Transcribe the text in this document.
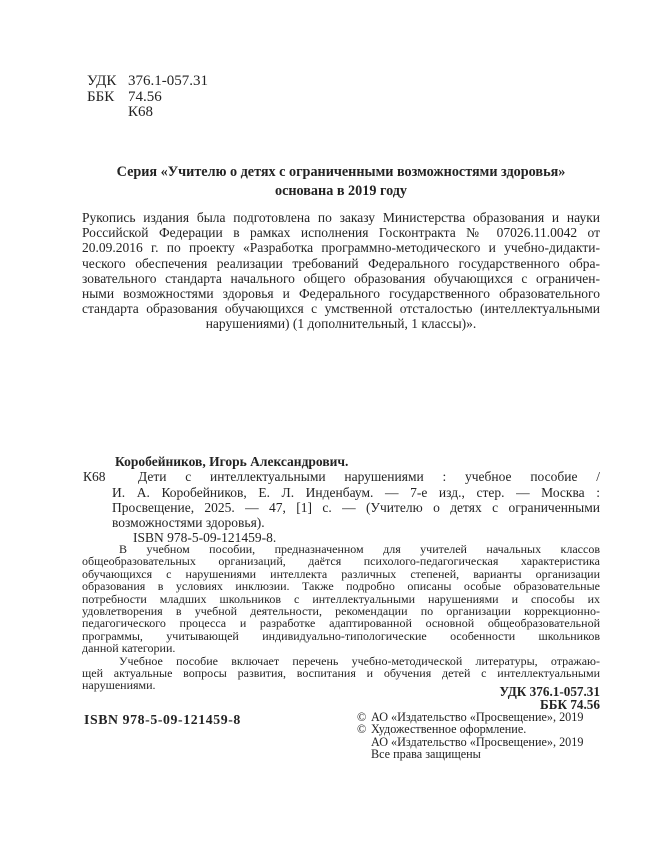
УДК 376.1-057.31
ББК 74.56
К68
Серия «Учителю о детях с ограниченными возможностями здоровья»
основана в 2019 году
Рукопись издания была подготовлена по заказу Министерства образования и науки
Российской Федерации в рамках исполнения Госконтракта № 07026.11.0042 от
20.09.2016 г. по проекту «Разработка программно-методического и учебно-дидакти-
ческого обеспечения реализации требований Федерального государственного обра-
зовательного стандарта начального общего образования обучающихся с ограничен-
ными возможностями здоровья и Федерального государственного образовательного
стандарта образования обучающихся с умственной отсталостью (интеллектуальными
нарушениями) (1 дополнительный, 1 классы)».
К68
Коробейников, Игорь Александрович.
Дети с интеллектуальными нарушениями : учебное пособие /
И. А. Коробейников, Е. Л. Инденбаум. — 7-е изд., стер. — Москва :
Просвещение, 2025. — 47, [1] с. — (Учителю о детях с ограниченными
возможностями здоровья).
ISBN 978-5-09-121459-8.
В учебном пособии, предназначенном для учителей начальных классов
общеобразовательных организаций, даётся психолого-педагогическая характеристика
обучающихся с нарушениями интеллекта различных степеней, варианты организации
образования в условиях инклюзии. Также подробно описаны особые образовательные
потребности младших школьников с интеллектуальными нарушениями и способы их
удовлетворения в учебной деятельности, рекомендации по организации коррекционно-
педагогического процесса и разработке адаптированной основной общеобразовательной
программы, учитывающей индивидуально-типологические особенности школьников
данной категории.
Учебное пособие включает перечень учебно-методической литературы, отражаю-
щей актуальные вопросы развития, воспитания и обучения детей с интеллектуальными
нарушениями.	УДК 376.1-057.31
ББК 74.56
ISBN 978-5-09-121459-8	© АО «Издательство «Просвещение», 2019
© Художественное оформление.
АО «Издательство «Просвещение», 2019
Все права защищены
